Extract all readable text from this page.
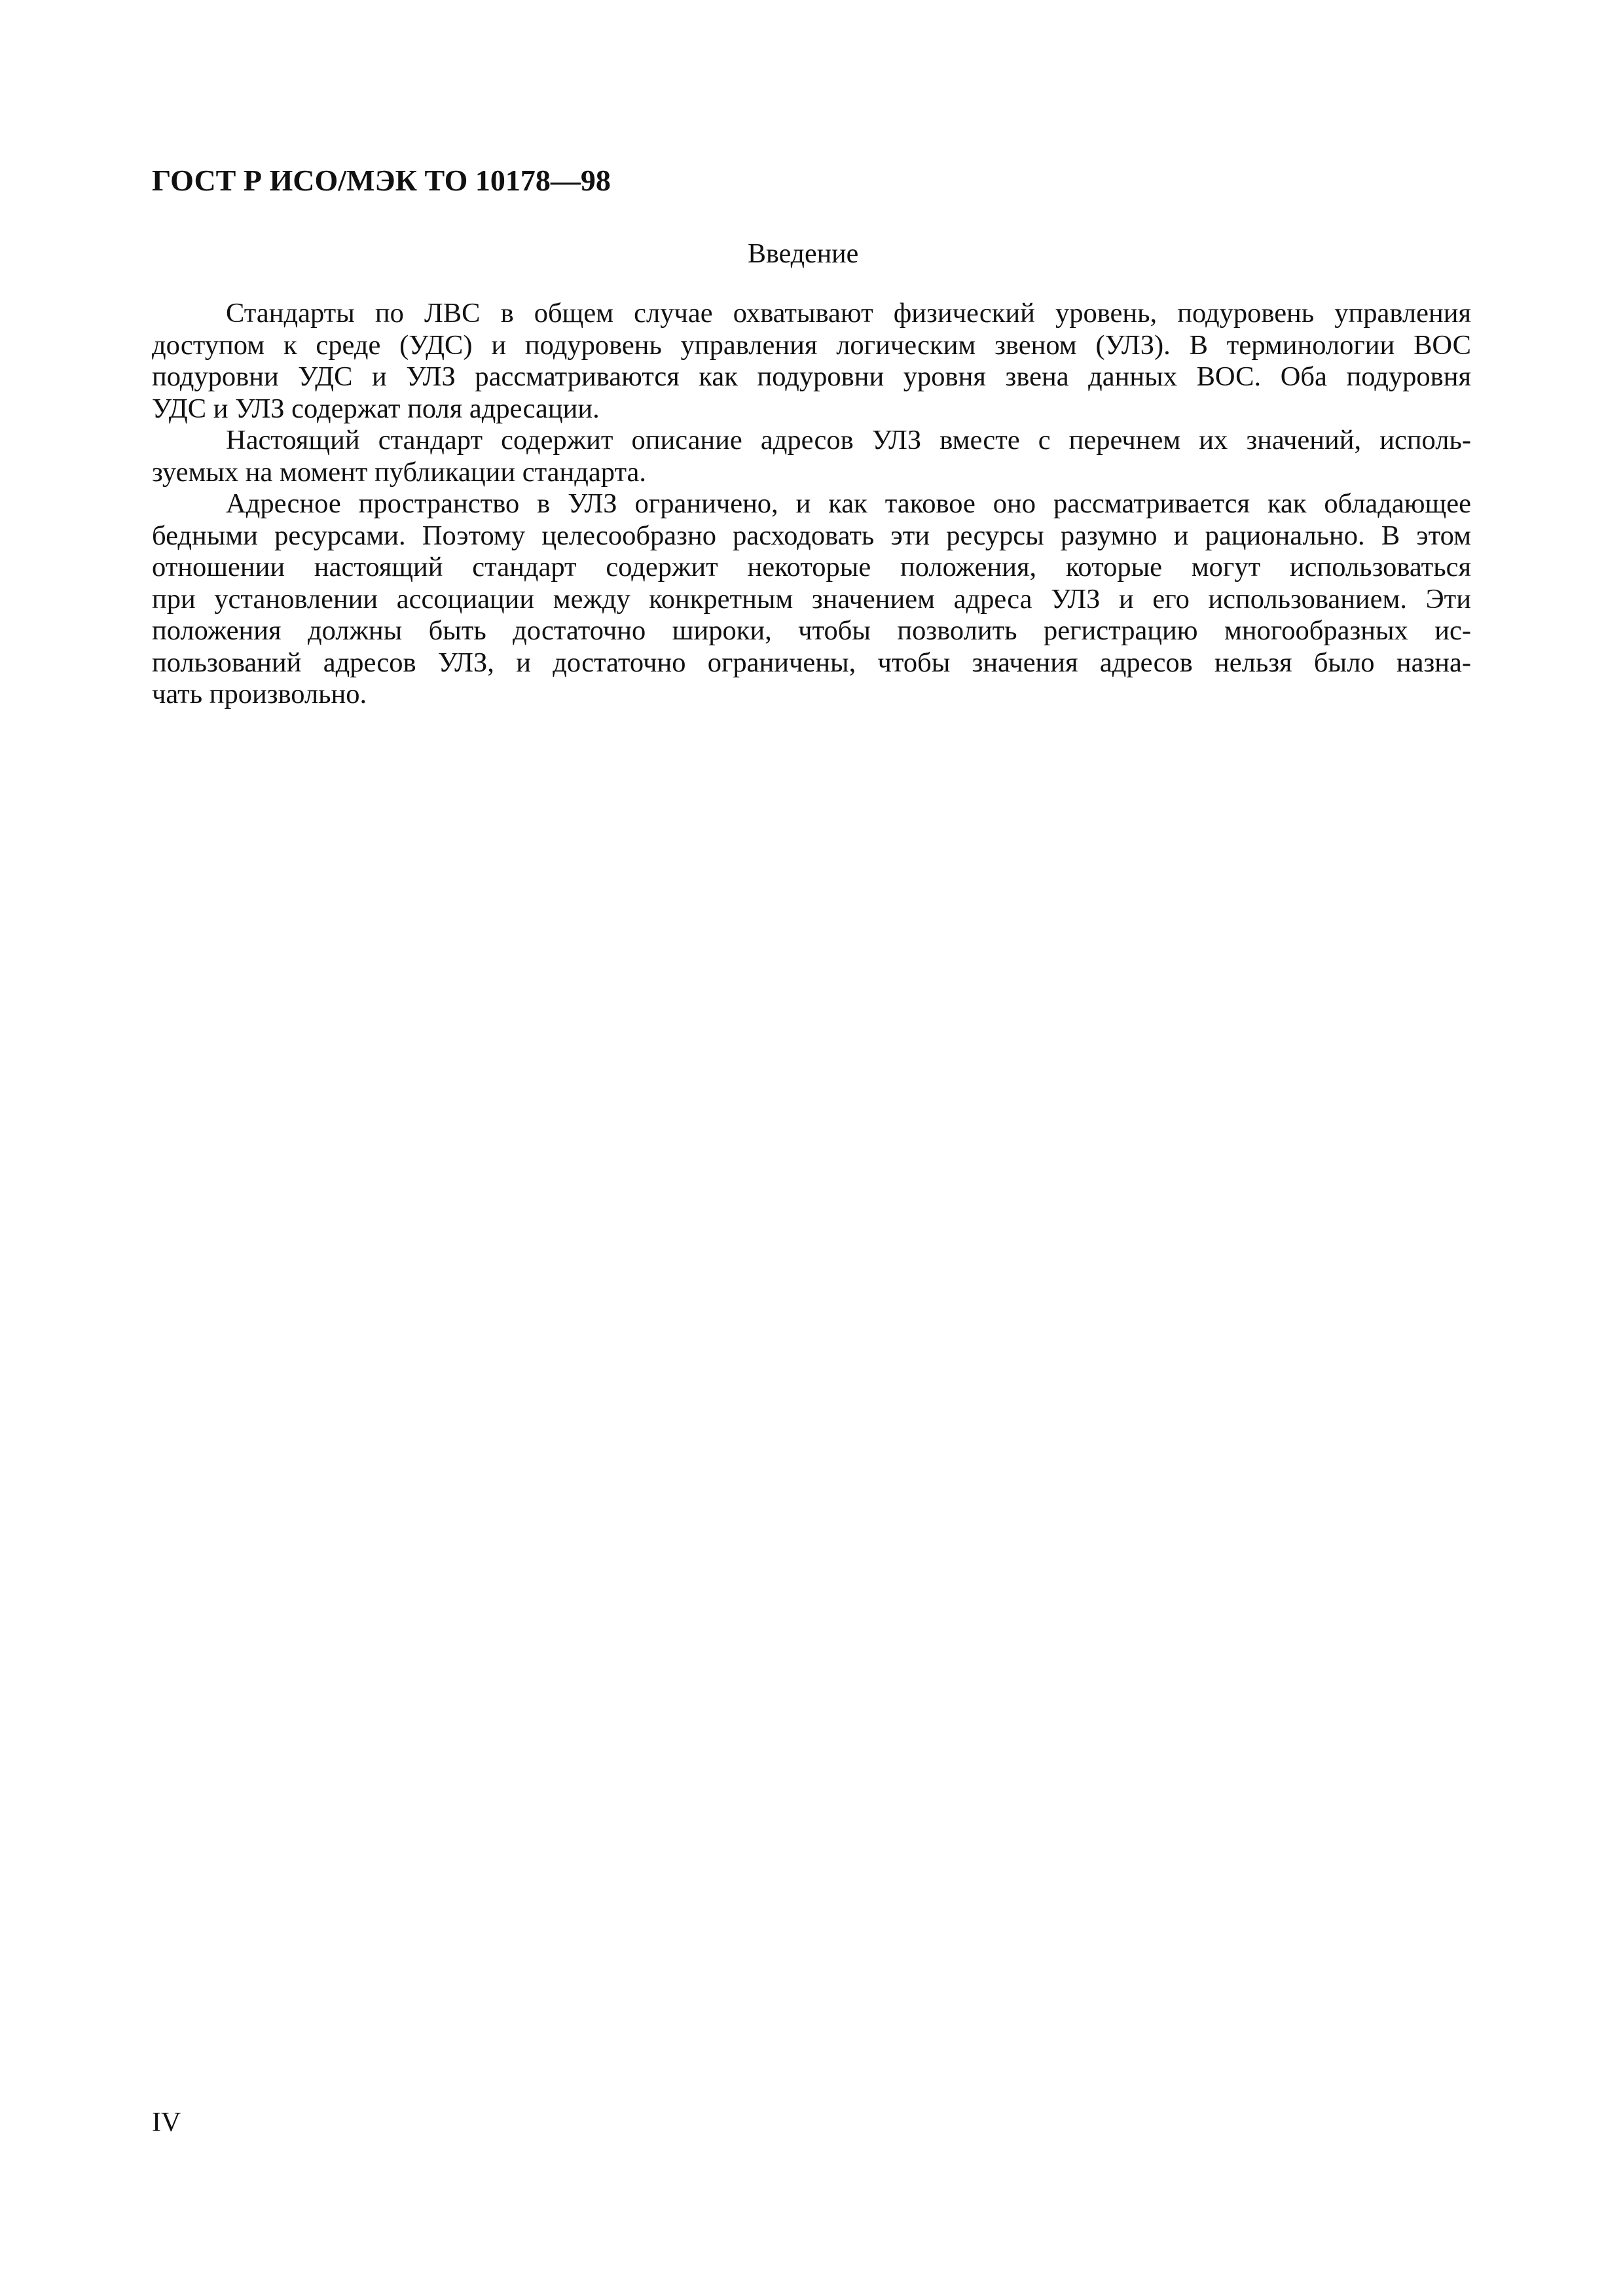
ГОСТ Р ИСО/МЭК ТО 10178—98
Введение

Стандарты по ЛВС в общем случае охватывают физический уровень, подуровень управления
доступом к среде (УДС) и подуровень управления логическим звеном (УЛЗ). В терминологии ВОС
подуровни УДС и УЛЗ рассматриваются как подуровни уровня звена данных ВОС. Оба подуровня
УДС и УЛЗ содержат поля адресации.

Настоящий стандарт содержит описание адресов УЛЗ вместе с перечнем их значений, исполь-
зуемых на момент публикации стандарта.

Адресное пространство в УЛЗ ограничено, и как таковое оно рассматривается как обладающее
бедными ресурсами. Поэтому целесообразно расходовать эти ресурсы разумно и рационально. В этом
отношении настоящий стандарт содержит некоторые положения, которые могут использоваться
при установлении ассоциации между конкретным значением адреса УЛЗ и его использованием. Эти
положения должны быть достаточно широки, чтобы позволить регистрацию многообразных ис-
пользований адресов УЛЗ, и достаточно ограничены, чтобы значения адресов нельзя было назна-
чать произвольно.

IV
